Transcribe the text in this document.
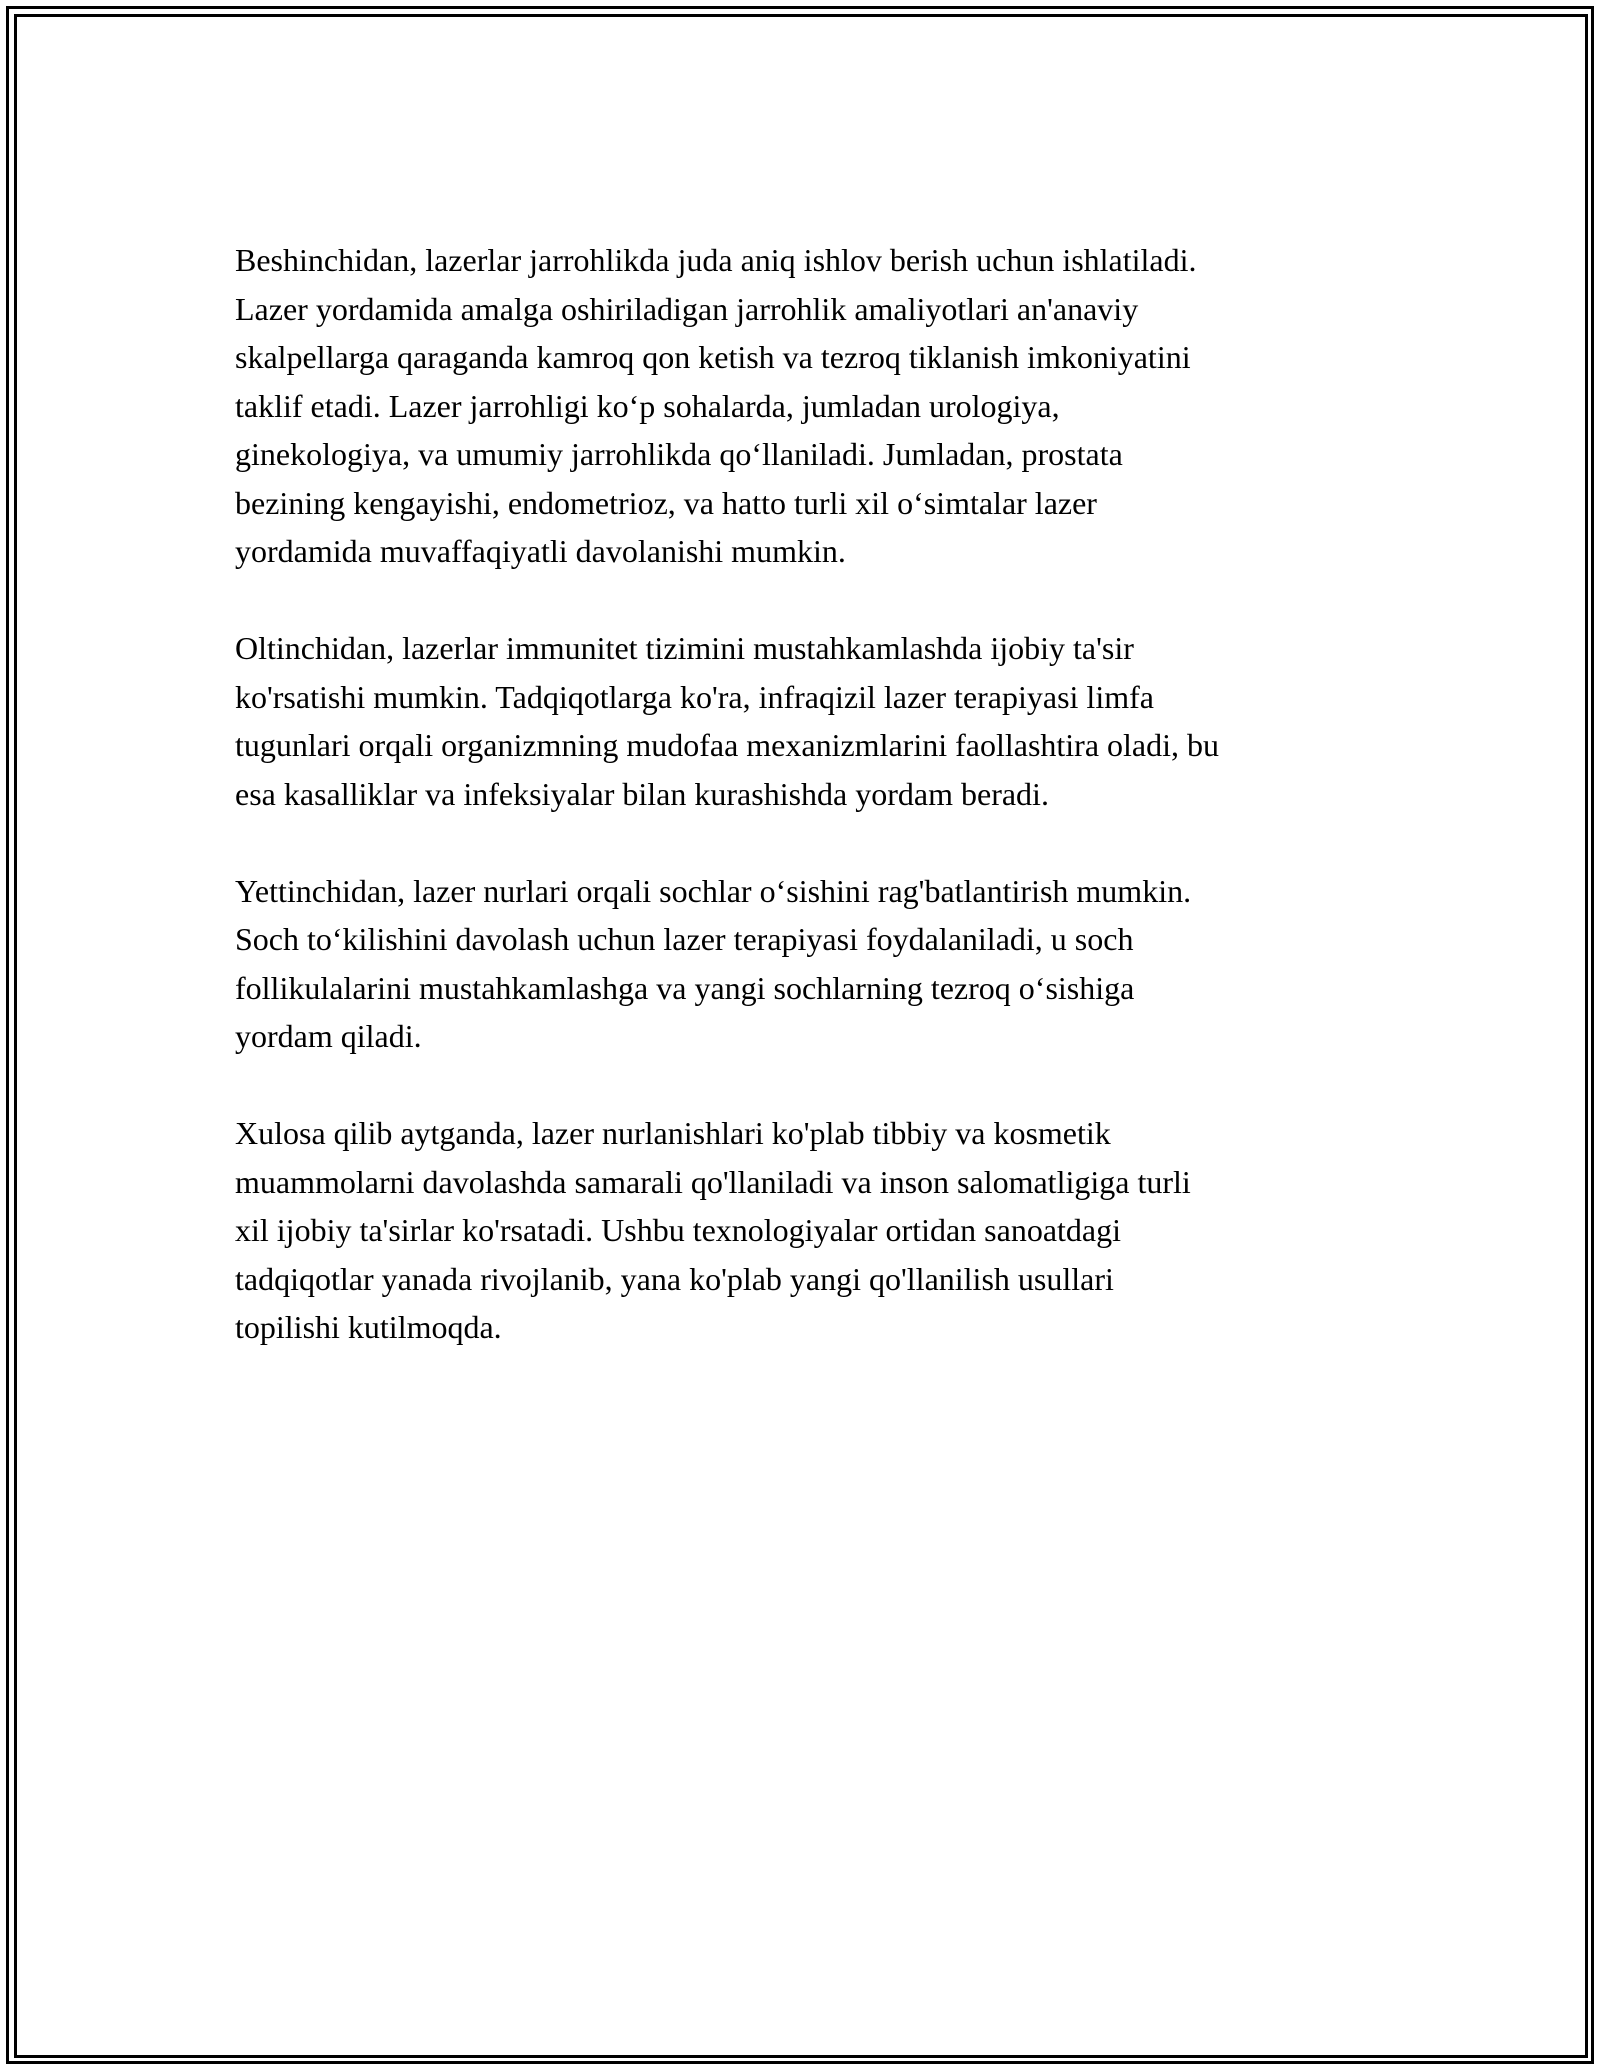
Beshinchidan, lazerlar jarrohlikda juda aniq ishlov berish uchun ishlatiladi.
Lazer yordamida amalga oshiriladigan jarrohlik amaliyotlari an'anaviy
skalpellarga qaraganda kamroq qon ketish va tezroq tiklanish imkoniyatini
taklif etadi. Lazer jarrohligi ko‘p sohalarda, jumladan urologiya,
ginekologiya, va umumiy jarrohlikda qo‘llaniladi. Jumladan, prostata
bezining kengayishi, endometrioz, va hatto turli xil o‘simtalar lazer
yordamida muvaffaqiyatli davolanishi mumkin.

Oltinchidan, lazerlar immunitet tizimini mustahkamlashda ijobiy ta'sir
ko'rsatishi mumkin. Tadqiqotlarga ko'ra, infraqizil lazer terapiyasi limfa
tugunlari orqali organizmning mudofaa mexanizmlarini faollashtira oladi, bu
esa kasalliklar va infeksiyalar bilan kurashishda yordam beradi.

Yettinchidan, lazer nurlari orqali sochlar o‘sishini rag'batlantirish mumkin.
Soch to‘kilishini davolash uchun lazer terapiyasi foydalaniladi, u soch
follikulalarini mustahkamlashga va yangi sochlarning tezroq o‘sishiga
yordam qiladi.

Xulosa qilib aytganda, lazer nurlanishlari ko'plab tibbiy va kosmetik
muammolarni davolashda samarali qo'llaniladi va inson salomatligiga turli
xil ijobiy ta'sirlar ko'rsatadi. Ushbu texnologiyalar ortidan sanoatdagi
tadqiqotlar yanada rivojlanib, yana ko'plab yangi qo'llanilish usullari
topilishi kutilmoqda.
